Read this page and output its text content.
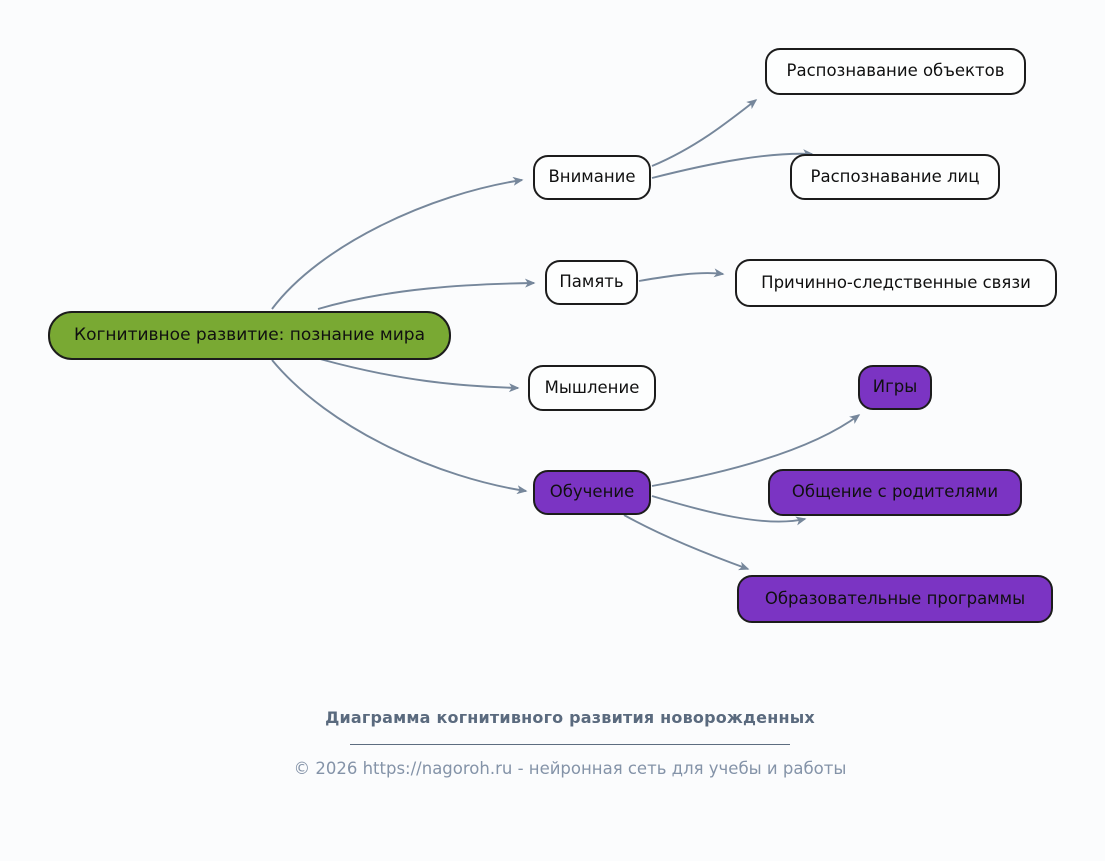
Когнитивное развитие: познание мира
Внимание
Распознавание объектов
Распознавание лиц
Память	Причинно-следственные связи
Мышление	Игры
Обучение	Общение с родителями
Образовательные программы
Диаграмма когнитивного развития новорожденных
© 2026 https://nagoroh.ru - нейронная сеть для учебы и работы
